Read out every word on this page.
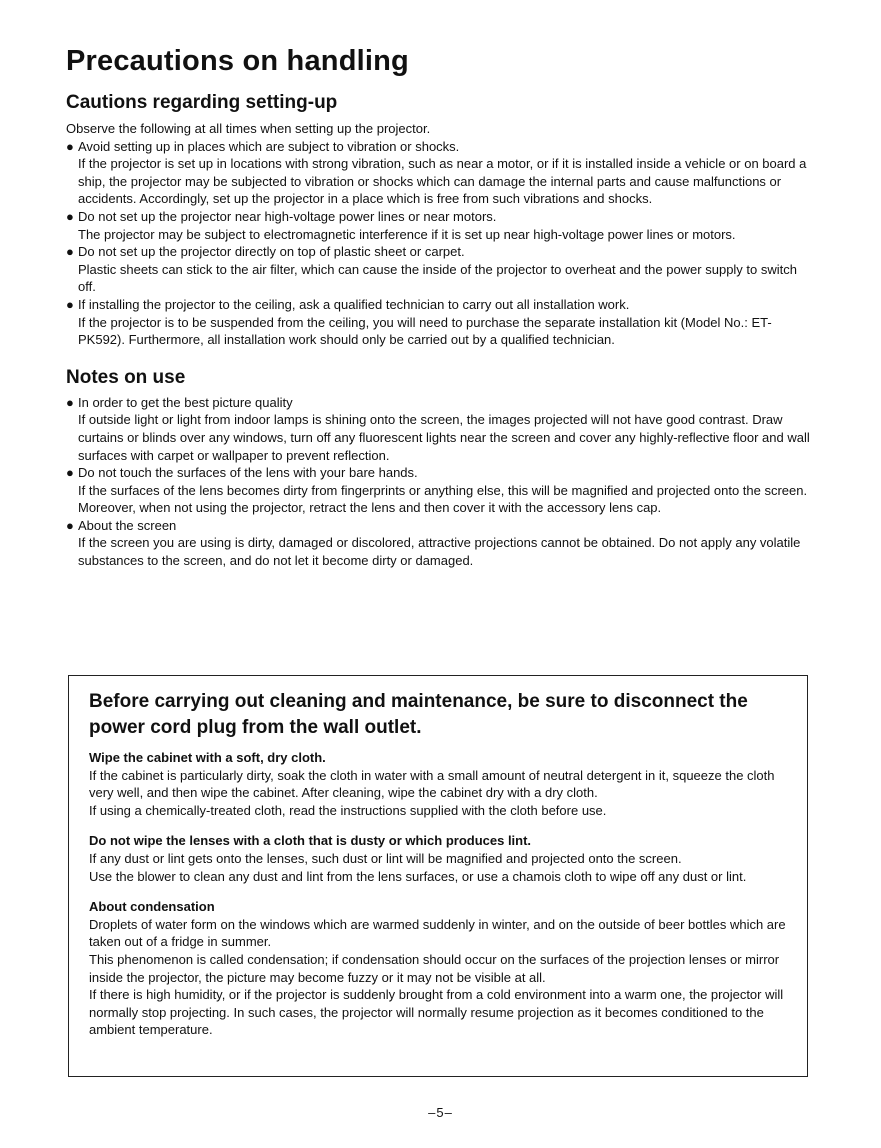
Precautions on handling
Cautions regarding setting-up

Observe the following at all times when setting up the projector.

● Avoid setting up in places which are subject to vibration or shocks.
If the projector is set up in locations with strong vibration, such as near a motor, or if it is installed inside a vehicle or on board a ship, the projector may be subjected to vibration or shocks which can damage the internal parts and cause malfunctions or accidents. Accordingly, set up the projector in a place which is free from such vibrations and shocks.
● Do not set up the projector near high-voltage power lines or near motors.
The projector may be subject to electromagnetic interference if it is set up near high-voltage power lines or motors.
● Do not set up the projector directly on top of plastic sheet or carpet.
Plastic sheets can stick to the air filter, which can cause the inside of the projector to overheat and the power supply to switch off.
● If installing the projector to the ceiling, ask a qualified technician to carry out all installation work.
If the projector is to be suspended from the ceiling, you will need to purchase the separate installation kit (Model No.: ET-PK592). Furthermore, all installation work should only be carried out by a qualified technician.
Notes on use
● In order to get the best picture quality
If outside light or light from indoor lamps is shining onto the screen, the images projected will not have good contrast. Draw curtains or blinds over any windows, turn off any fluorescent lights near the screen and cover any highly-reflective floor and wall surfaces with carpet or wallpaper to prevent reflection.
● Do not touch the surfaces of the lens with your bare hands.
If the surfaces of the lens becomes dirty from fingerprints or anything else, this will be magnified and projected onto the screen. Moreover, when not using the projector, retract the lens and then cover it with the accessory lens cap.
● About the screen
If the screen you are using is dirty, damaged or discolored, attractive projections cannot be obtained. Do not apply any volatile substances to the screen, and do not let it become dirty or damaged.

Before carrying out cleaning and maintenance, be sure to disconnect the power cord plug from the wall outlet.

Wipe the cabinet with a soft, dry cloth.

If the cabinet is particularly dirty, soak the cloth in water with a small amount of neutral detergent in it, squeeze the cloth very well, and then wipe the cabinet. After cleaning, wipe the cabinet dry with a dry cloth.

If using a chemically-treated cloth, read the instructions supplied with the cloth before use.

Do not wipe the lenses with a cloth that is dusty or which produces lint.

If any dust or lint gets onto the lenses, such dust or lint will be magnified and projected onto the screen.

Use the blower to clean any dust and lint from the lens surfaces, or use a chamois cloth to wipe off any dust or lint.

About condensation

Droplets of water form on the windows which are warmed suddenly in winter, and on the outside of beer bottles which are taken out of a fridge in summer.

This phenomenon is called condensation; if condensation should occur on the surfaces of the projection lenses or mirror inside the projector, the picture may become fuzzy or it may not be visible at all.

If there is high humidity, or if the projector is suddenly brought from a cold environment into a warm one, the projector will normally stop projecting. In such cases, the projector will normally resume projection as it becomes conditioned to the ambient temperature.

–5–
